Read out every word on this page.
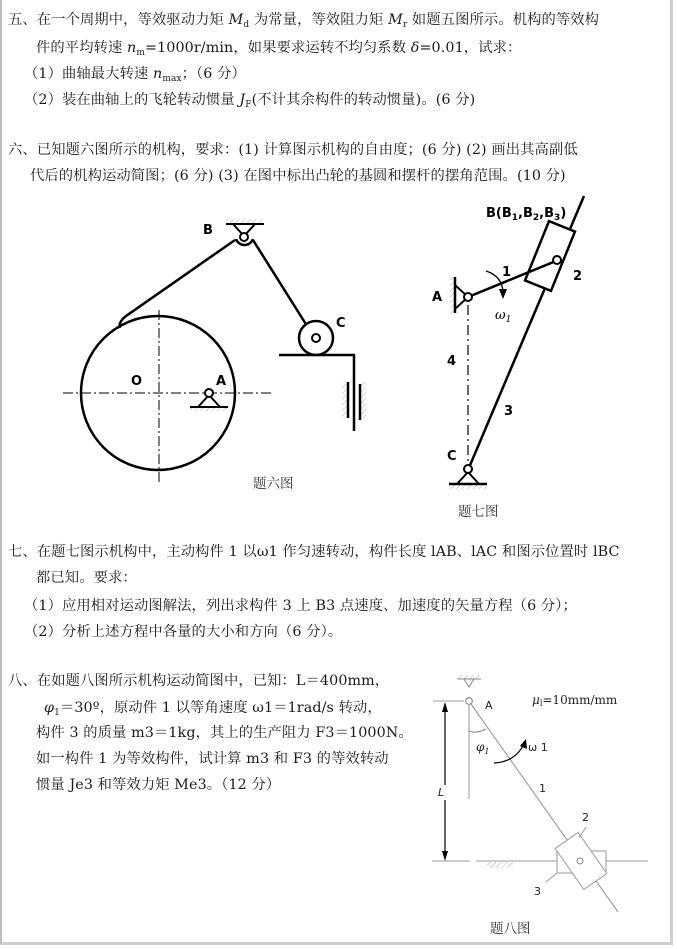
五、在一个周期中，等效驱动力矩 $M_d$ 为常量，等效阻力矩 $M_r$ 如题五图所示。机构的等效构
件的平均转速 $n_m=1000r/\min$，如果要求运转不均匀系数 δ=0.01，试求：
（1）曲轴最大转速 $n_{max}$；（6 分）
（2）装在曲轴上的飞轮转动惯量 $J_F$(不计其余构件的转动惯量)。(6 分)
六、已知题六图所示的机构，要求：(1) 计算图示机构的自由度；(6 分) (2) 画出其高副低
代后的机构运动简图；(6 分) (3) 在图中标出凸轮的基圆和摆杆的摆角范围。(10 分)
B
C
O	A
题六图
$B(B_1,B_2,B_3)$
A
C
1	2
3
4
$\omega_1$
题七图
七、在题七图示机构中，主动构件 1 以ω1 作匀速转动，构件长度 lAB、lAC 和图示位置时 lBC
都已知。要求：
（1）应用相对运动图解法，列出求构件 3 上 B3 点速度、加速度的矢量方程（6 分）；
（2）分析上述方程中各量的大小和方向（6 分）。
八、在如题八图所示机构运动简图中，已知：L＝400mm，
$\varphi_1=30º$，原动件 1 以等角速度 ω1＝1rad/s 转动，
构件 3 的质量 m3＝1kg，其上的生产阻力 F3＝1000N。
如一构件 1 为等效构件，试计算 m3 和 F3 的等效转动
惯量 Je3 和等效力矩 Me3。（12 分）
A	μl=10mm/mm
$\varphi_1$	ω 1
L	1
2
3
题八图
